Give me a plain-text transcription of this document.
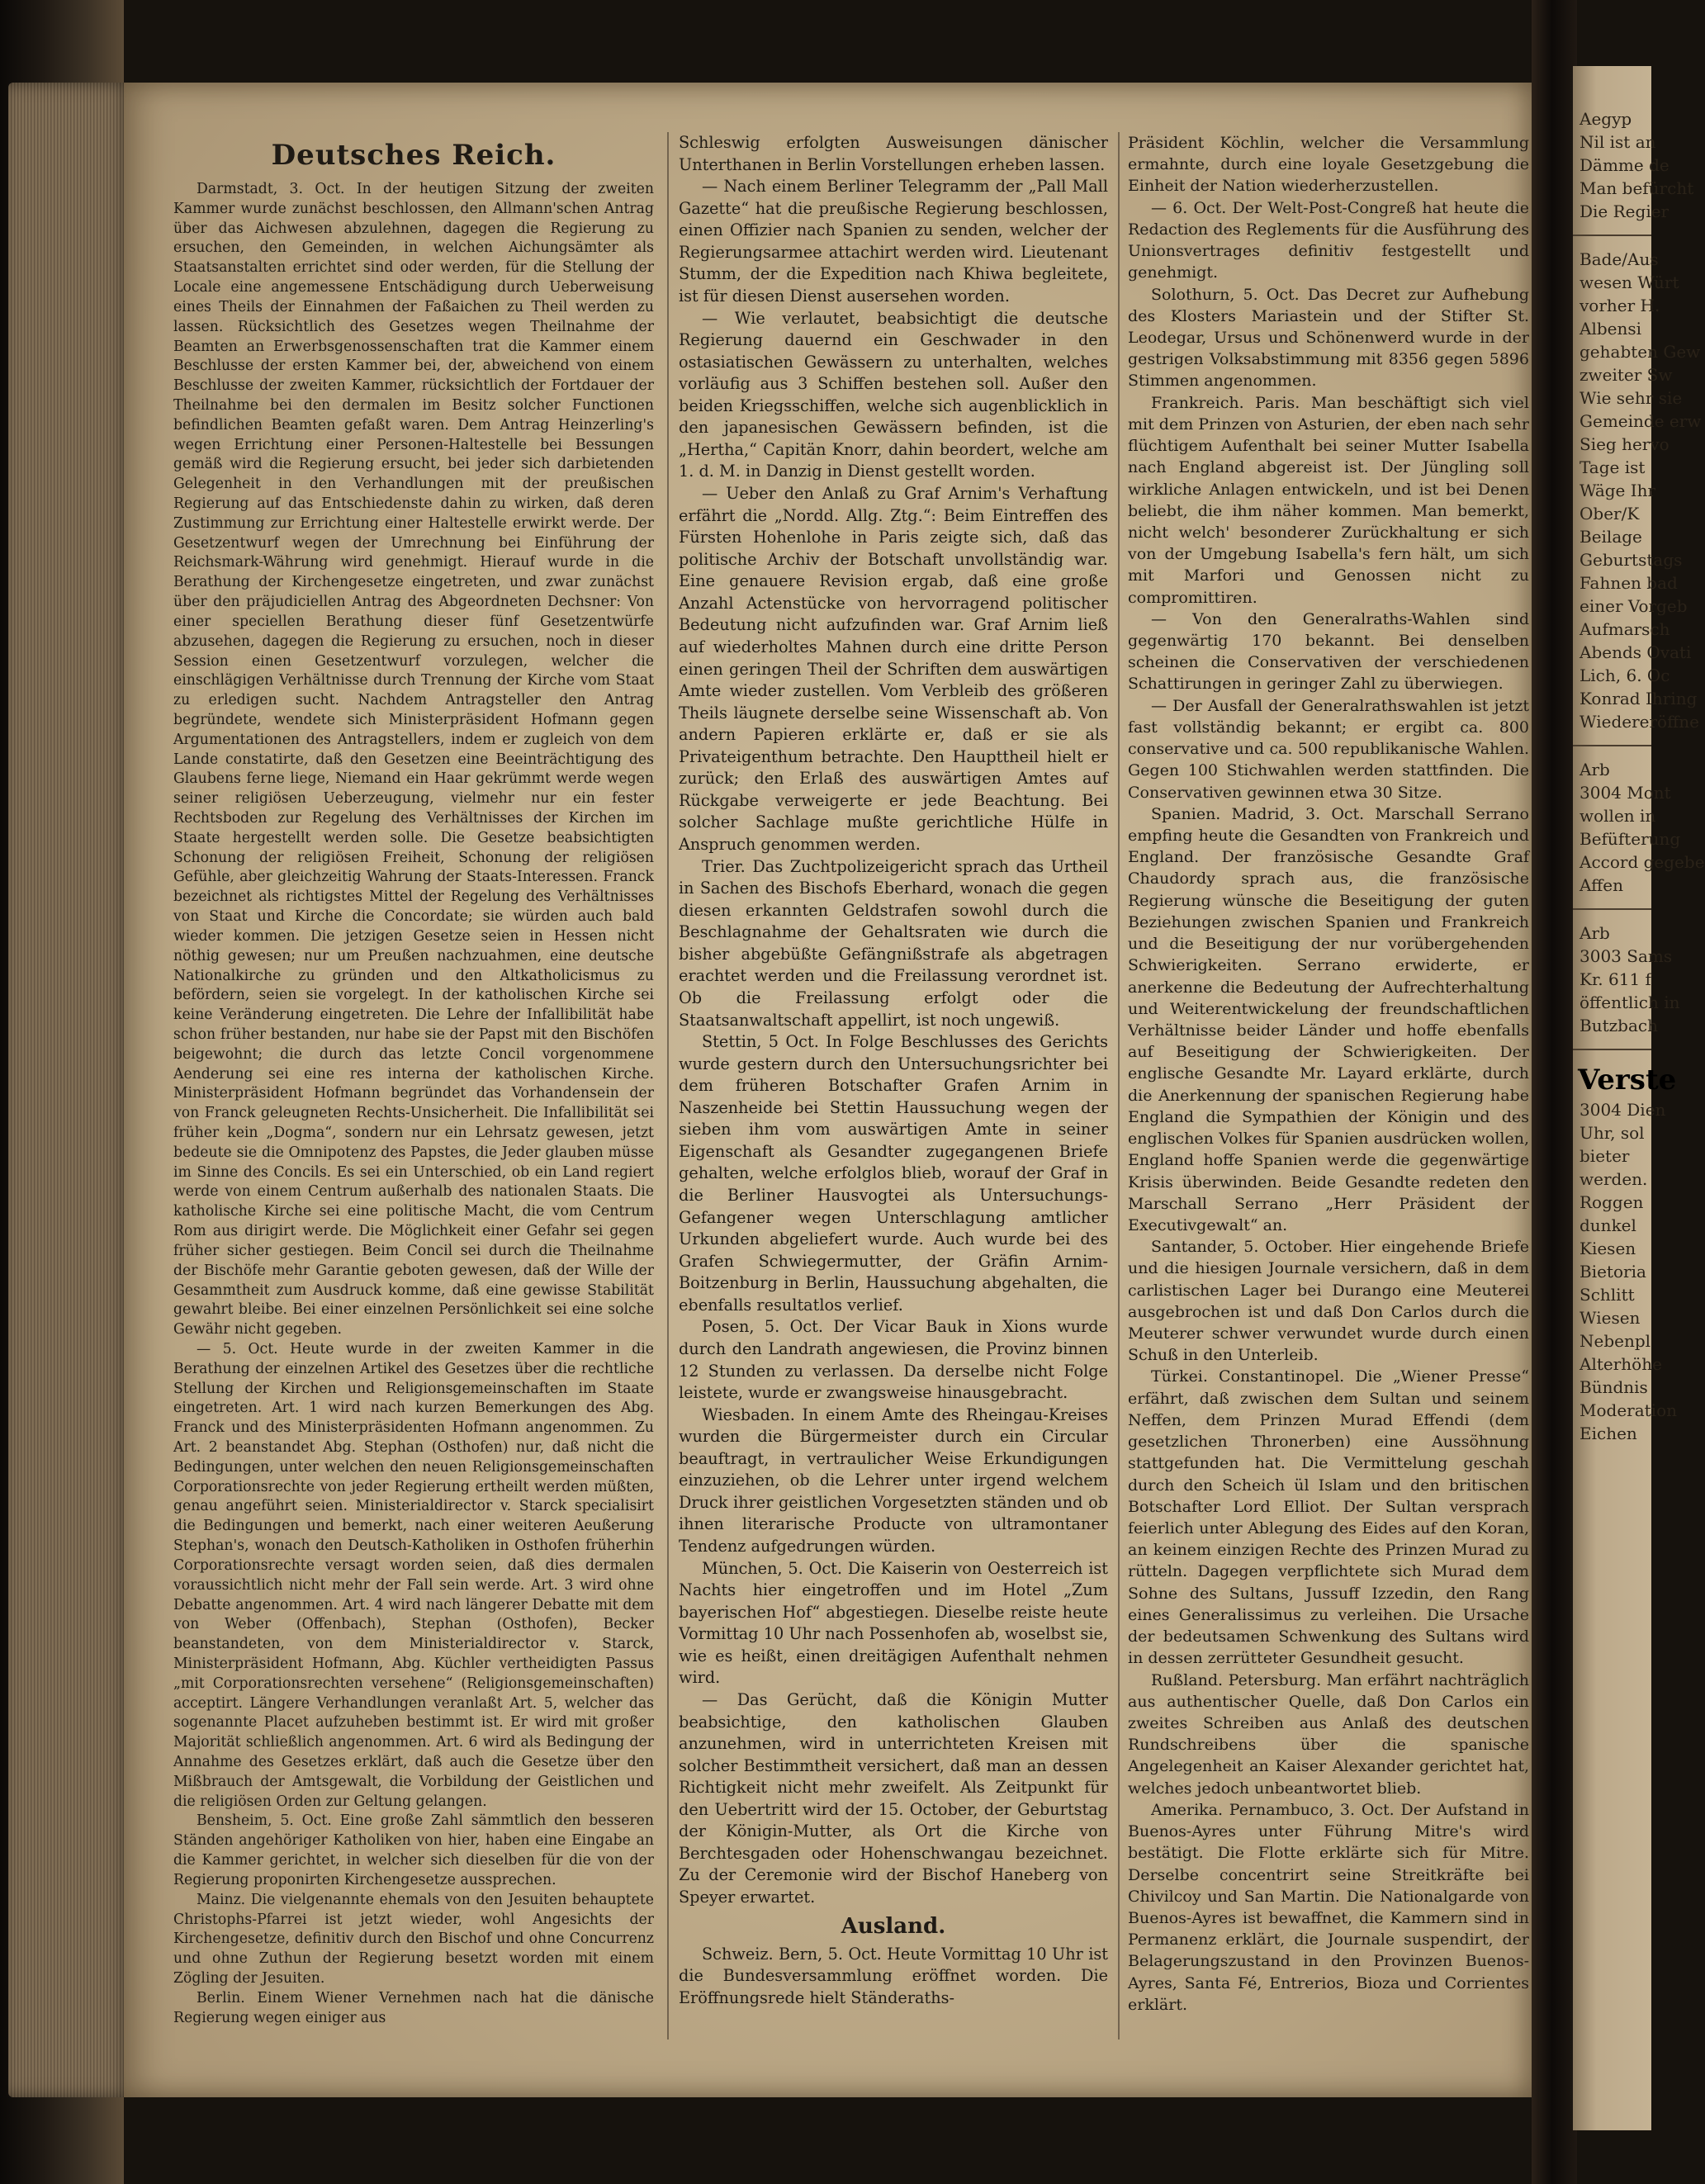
Deutsches Reich.

Darmstadt, 3. Oct. In der heutigen Sitzung der zweiten Kammer wurde zunächst beschlossen, den Allmann'schen Antrag über das Aichwesen abzulehnen, dagegen die Regierung zu ersuchen, den Gemeinden, in welchen Aichungsämter als Staatsanstalten errichtet sind oder werden, für die Stellung der Locale eine angemessene Entschädigung durch Ueberweisung eines Theils der Einnahmen der Faßaichen zu Theil werden zu lassen. Rücksichtlich des Gesetzes wegen Theilnahme der Beamten an Erwerbsgenossenschaften trat die Kammer einem Beschlusse der ersten Kammer bei, der, abweichend von einem Beschlusse der zweiten Kammer, rücksichtlich der Fortdauer der Theilnahme bei den dermalen im Besitz solcher Functionen befindlichen Beamten gefaßt waren. Dem Antrag Heinzerling's wegen Errichtung einer Personen-Haltestelle bei Bessungen gemäß wird die Regierung ersucht, bei jeder sich darbietenden Gelegenheit in den Verhandlungen mit der preußischen Regierung auf das Entschiedenste dahin zu wirken, daß deren Zustimmung zur Errichtung einer Haltestelle erwirkt werde. Der Gesetzentwurf wegen der Umrechnung bei Einführung der Reichsmark-Währung wird genehmigt. Hierauf wurde in die Berathung der Kirchengesetze eingetreten, und zwar zunächst über den präjudiciellen Antrag des Abgeordneten Dechsner: Von einer speciellen Berathung dieser fünf Gesetzentwürfe abzusehen, dagegen die Regierung zu ersuchen, noch in dieser Session einen Gesetzentwurf vorzulegen, welcher die einschlägigen Verhältnisse durch Trennung der Kirche vom Staat zu erledigen sucht. Nachdem Antragsteller den Antrag begründete, wendete sich Ministerpräsident Hofmann gegen Argumentationen des Antragstellers, indem er zugleich von dem Lande constatirte, daß den Gesetzen eine Beeinträchtigung des Glaubens ferne liege, Niemand ein Haar gekrümmt werde wegen seiner religiösen Ueberzeugung, vielmehr nur ein fester Rechtsboden zur Regelung des Verhältnisses der Kirchen im Staate hergestellt werden solle. Die Gesetze beabsichtigten Schonung der religiösen Freiheit, Schonung der religiösen Gefühle, aber gleichzeitig Wahrung der Staats-Interessen. Franck bezeichnet als richtigstes Mittel der Regelung des Verhältnisses von Staat und Kirche die Concordate; sie würden auch bald wieder kommen. Die jetzigen Gesetze seien in Hessen nicht nöthig gewesen; nur um Preußen nachzuahmen, eine deutsche Nationalkirche zu gründen und den Altkatholicismus zu befördern, seien sie vorgelegt. In der katholischen Kirche sei keine Veränderung eingetreten. Die Lehre der Infallibilität habe schon früher bestanden, nur habe sie der Papst mit den Bischöfen beigewohnt; die durch das letzte Concil vorgenommene Aenderung sei eine res interna der katholischen Kirche. Ministerpräsident Hofmann begründet das Vorhandensein der von Franck geleugneten Rechts-Unsicherheit. Die Infallibilität sei früher kein „Dogma“, sondern nur ein Lehrsatz gewesen, jetzt bedeute sie die Omnipotenz des Papstes, die Jeder glauben müsse im Sinne des Concils. Es sei ein Unterschied, ob ein Land regiert werde von einem Centrum außerhalb des nationalen Staats. Die katholische Kirche sei eine politische Macht, die vom Centrum Rom aus dirigirt werde. Die Möglichkeit einer Gefahr sei gegen früher sicher gestiegen. Beim Concil sei durch die Theilnahme der Bischöfe mehr Garantie geboten gewesen, daß der Wille der Gesammtheit zum Ausdruck komme, daß eine gewisse Stabilität gewahrt bleibe. Bei einer einzelnen Persönlichkeit sei eine solche Gewähr nicht gegeben.

— 5. Oct. Heute wurde in der zweiten Kammer in die Berathung der einzelnen Artikel des Gesetzes über die rechtliche Stellung der Kirchen und Religionsgemeinschaften im Staate eingetreten. Art. 1 wird nach kurzen Bemerkungen des Abg. Franck und des Ministerpräsidenten Hofmann angenommen. Zu Art. 2 beanstandet Abg. Stephan (Osthofen) nur, daß nicht die Bedingungen, unter welchen den neuen Religionsgemeinschaften Corporationsrechte von jeder Regierung ertheilt werden müßten, genau angeführt seien. Ministerialdirector v. Starck specialisirt die Bedingungen und bemerkt, nach einer weiteren Aeußerung Stephan's, wonach den Deutsch-Katholiken in Osthofen früherhin Corporationsrechte versagt worden seien, daß dies dermalen voraussichtlich nicht mehr der Fall sein werde. Art. 3 wird ohne Debatte angenommen. Art. 4 wird nach längerer Debatte mit dem von Weber (Offenbach), Stephan (Osthofen), Becker beanstandeten, von dem Ministerialdirector v. Starck, Ministerpräsident Hofmann, Abg. Küchler vertheidigten Passus „mit Corporationsrechten versehene“ (Religionsgemeinschaften) acceptirt. Längere Verhandlungen veranlaßt Art. 5, welcher das sogenannte Placet aufzuheben bestimmt ist. Er wird mit großer Majorität schließlich angenommen. Art. 6 wird als Bedingung der Annahme des Gesetzes erklärt, daß auch die Gesetze über den Mißbrauch der Amtsgewalt, die Vorbildung der Geistlichen und die religiösen Orden zur Geltung gelangen.

Bensheim, 5. Oct. Eine große Zahl sämmtlich den besseren Ständen angehöriger Katholiken von hier, haben eine Eingabe an die Kammer gerichtet, in welcher sich dieselben für die von der Regierung proponirten Kirchengesetze aussprechen.

Mainz. Die vielgenannte ehemals von den Jesuiten behauptete Christophs-Pfarrei ist jetzt wieder, wohl Angesichts der Kirchengesetze, definitiv durch den Bischof und ohne Concurrenz und ohne Zuthun der Regierung besetzt worden mit einem Zögling der Jesuiten.

Berlin. Einem Wiener Vernehmen nach hat die dänische Regierung wegen einiger aus

Schleswig erfolgten Ausweisungen dänischer Unterthanen in Berlin Vorstellungen erheben lassen.

— Nach einem Berliner Telegramm der „Pall Mall Gazette“ hat die preußische Regierung beschlossen, einen Offizier nach Spanien zu senden, welcher der Regierungsarmee attachirt werden wird. Lieutenant Stumm, der die Expedition nach Khiwa begleitete, ist für diesen Dienst ausersehen worden.

— Wie verlautet, beabsichtigt die deutsche Regierung dauernd ein Geschwader in den ostasiatischen Gewässern zu unterhalten, welches vorläufig aus 3 Schiffen bestehen soll. Außer den beiden Kriegsschiffen, welche sich augenblicklich in den japanesischen Gewässern befinden, ist die „Hertha,“ Capitän Knorr, dahin beordert, welche am 1. d. M. in Danzig in Dienst gestellt worden.

— Ueber den Anlaß zu Graf Arnim's Verhaftung erfährt die „Nordd. Allg. Ztg.“: Beim Eintreffen des Fürsten Hohenlohe in Paris zeigte sich, daß das politische Archiv der Botschaft unvollständig war. Eine genauere Revision ergab, daß eine große Anzahl Actenstücke von hervorragend politischer Bedeutung nicht aufzufinden war. Graf Arnim ließ auf wiederholtes Mahnen durch eine dritte Person einen geringen Theil der Schriften dem auswärtigen Amte wieder zustellen. Vom Verbleib des größeren Theils läugnete derselbe seine Wissenschaft ab. Von andern Papieren erklärte er, daß er sie als Privateigenthum betrachte. Den Haupttheil hielt er zurück; den Erlaß des auswärtigen Amtes auf Rückgabe verweigerte er jede Beachtung. Bei solcher Sachlage mußte gerichtliche Hülfe in Anspruch genommen werden.

Trier. Das Zuchtpolizeigericht sprach das Urtheil in Sachen des Bischofs Eberhard, wonach die gegen diesen erkannten Geldstrafen sowohl durch die Beschlagnahme der Gehaltsraten wie durch die bisher abgebüßte Gefängnißstrafe als abgetragen erachtet werden und die Freilassung verordnet ist. Ob die Freilassung erfolgt oder die Staatsanwaltschaft appellirt, ist noch ungewiß.

Stettin, 5 Oct. In Folge Beschlusses des Gerichts wurde gestern durch den Untersuchungsrichter bei dem früheren Botschafter Grafen Arnim in Naszenheide bei Stettin Haussuchung wegen der sieben ihm vom auswärtigen Amte in seiner Eigenschaft als Gesandter zugegangenen Briefe gehalten, welche erfolglos blieb, worauf der Graf in die Berliner Hausvogtei als Untersuchungs-Gefangener wegen Unterschlagung amtlicher Urkunden abgeliefert wurde. Auch wurde bei des Grafen Schwiegermutter, der Gräfin Arnim-Boitzenburg in Berlin, Haussuchung abgehalten, die ebenfalls resultatlos verlief.

Posen, 5. Oct. Der Vicar Bauk in Xions wurde durch den Landrath angewiesen, die Provinz binnen 12 Stunden zu verlassen. Da derselbe nicht Folge leistete, wurde er zwangsweise hinausgebracht.

Wiesbaden. In einem Amte des Rheingau-Kreises wurden die Bürgermeister durch ein Circular beauftragt, in vertraulicher Weise Erkundigungen einzuziehen, ob die Lehrer unter irgend welchem Druck ihrer geistlichen Vorgesetzten ständen und ob ihnen literarische Producte von ultramontaner Tendenz aufgedrungen würden.

München, 5. Oct. Die Kaiserin von Oesterreich ist Nachts hier eingetroffen und im Hotel „Zum bayerischen Hof“ abgestiegen. Dieselbe reiste heute Vormittag 10 Uhr nach Possenhofen ab, woselbst sie, wie es heißt, einen dreitägigen Aufenthalt nehmen wird.

— Das Gerücht, daß die Königin Mutter beabsichtige, den katholischen Glauben anzunehmen, wird in unterrichteten Kreisen mit solcher Bestimmtheit versichert, daß man an dessen Richtigkeit nicht mehr zweifelt. Als Zeitpunkt für den Uebertritt wird der 15. October, der Geburtstag der Königin-Mutter, als Ort die Kirche von Berchtesgaden oder Hohenschwangau bezeichnet. Zu der Ceremonie wird der Bischof Haneberg von Speyer erwartet.

Ausland.

Schweiz. Bern, 5. Oct. Heute Vormittag 10 Uhr ist die Bundesversammlung eröffnet worden. Die Eröffnungsrede hielt Ständeraths-

Präsident Köchlin, welcher die Versammlung ermahnte, durch eine loyale Gesetzgebung die Einheit der Nation wiederherzustellen.

— 6. Oct. Der Welt-Post-Congreß hat heute die Redaction des Reglements für die Ausführung des Unionsvertrages definitiv festgestellt und genehmigt.

Solothurn, 5. Oct. Das Decret zur Aufhebung des Klosters Mariastein und der Stifter St. Leodegar, Ursus und Schönenwerd wurde in der gestrigen Volksabstimmung mit 8356 gegen 5896 Stimmen angenommen.

Frankreich. Paris. Man beschäftigt sich viel mit dem Prinzen von Asturien, der eben nach sehr flüchtigem Aufenthalt bei seiner Mutter Isabella nach England abgereist ist. Der Jüngling soll wirkliche Anlagen entwickeln, und ist bei Denen beliebt, die ihm näher kommen. Man bemerkt, nicht welch' besonderer Zurückhaltung er sich von der Umgebung Isabella's fern hält, um sich mit Marfori und Genossen nicht zu compromittiren.

— Von den Generalraths-Wahlen sind gegenwärtig 170 bekannt. Bei denselben scheinen die Conservativen der verschiedenen Schattirungen in geringer Zahl zu überwiegen.

— Der Ausfall der Generalrathswahlen ist jetzt fast vollständig bekannt; er ergibt ca. 800 conservative und ca. 500 republikanische Wahlen. Gegen 100 Stichwahlen werden stattfinden. Die Conservativen gewinnen etwa 30 Sitze.

Spanien. Madrid, 3. Oct. Marschall Serrano empfing heute die Gesandten von Frankreich und England. Der französische Gesandte Graf Chaudordy sprach aus, die französische Regierung wünsche die Beseitigung der guten Beziehungen zwischen Spanien und Frankreich und die Beseitigung der nur vorübergehenden Schwierigkeiten. Serrano erwiderte, er anerkenne die Bedeutung der Aufrechterhaltung und Weiterentwickelung der freundschaftlichen Verhältnisse beider Länder und hoffe ebenfalls auf Beseitigung der Schwierigkeiten. Der englische Gesandte Mr. Layard erklärte, durch die Anerkennung der spanischen Regierung habe England die Sympathien der Königin und des englischen Volkes für Spanien ausdrücken wollen, England hoffe Spanien werde die gegenwärtige Krisis überwinden. Beide Gesandte redeten den Marschall Serrano „Herr Präsident der Executivgewalt“ an.

Santander, 5. October. Hier eingehende Briefe und die hiesigen Journale versichern, daß in dem carlistischen Lager bei Durango eine Meuterei ausgebrochen ist und daß Don Carlos durch die Meuterer schwer verwundet wurde durch einen Schuß in den Unterleib.

Türkei. Constantinopel. Die „Wiener Presse“ erfährt, daß zwischen dem Sultan und seinem Neffen, dem Prinzen Murad Effendi (dem gesetzlichen Thronerben) eine Aussöhnung stattgefunden hat. Die Vermittelung geschah durch den Scheich ül Islam und den britischen Botschafter Lord Elliot. Der Sultan versprach feierlich unter Ablegung des Eides auf den Koran, an keinem einzigen Rechte des Prinzen Murad zu rütteln. Dagegen verpflichtete sich Murad dem Sohne des Sultans, Jussuff Izzedin, den Rang eines Generalissimus zu verleihen. Die Ursache der bedeutsamen Schwenkung des Sultans wird in dessen zerrütteter Gesundheit gesucht.

Rußland. Petersburg. Man erfährt nachträglich aus authentischer Quelle, daß Don Carlos ein zweites Schreiben aus Anlaß des deutschen Rundschreibens über die spanische Angelegenheit an Kaiser Alexander gerichtet hat, welches jedoch unbeantwortet blieb.

Amerika. Pernambuco, 3. Oct. Der Aufstand in Buenos-Ayres unter Führung Mitre's wird bestätigt. Die Flotte erklärte sich für Mitre. Derselbe concentrirt seine Streitkräfte bei Chivilcoy und San Martin. Die Nationalgarde von Buenos-Ayres ist bewaffnet, die Kammern sind in Permanenz erklärt, die Journale suspendirt, der Belagerungszustand in den Provinzen Buenos-Ayres, Santa Fé, Entrerios, Bioza und Corrientes erklärt.

Aegyp
Nil ist an
Dämme de
Man befürcht
Die Regier
Bade/Aus
wesen Würt
vorher H.
Albensi
gehabten Gew
zweiter Sw
Wie sehr sie
Gemeinde erw
Sieg hervo
Tage ist
Wäge Ihr
Ober/K
Beilage
Geburtstags
Fahnen bad
einer Vorgeb
Aufmarsch
Abends Ovati
Lich, 6. Oc
Konrad Ihring
Wiedereröffne
Arb
3004 Mont
wollen in
Befüfterung
Accord gegebe
Affen
Arb
3003 Sams
Kr. 611 f
öffentlich in
Butzbach
Verste
3004 Dien
Uhr, sol
bieter
werden.
Roggen
dunkel
Kiesen
Bietoria
Schlitt
Wiesen
Nebenpl
Alterhöhe
Bündnis
Moderation
Eichen
